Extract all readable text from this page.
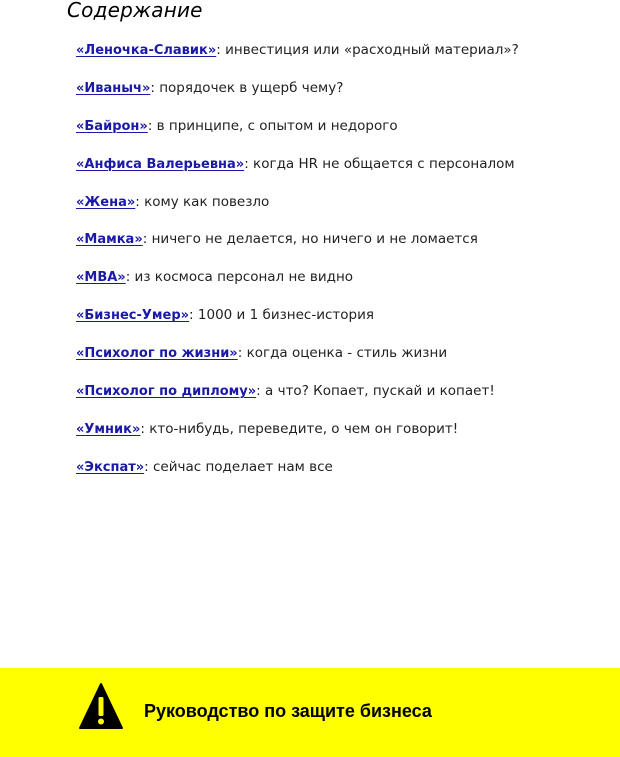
Содержание
«Леночка-Славик»: инвестиция или «расходный материал»?
«Иваныч»: порядочек в ущерб чему?
«Байрон»: в принципе, с опытом и недорого
«Анфиса Валерьевна»: когда HR не общается с персоналом
«Жена»: кому как повезло
«Мамка»: ничего не делается, но ничего и не ломается
«MBA»: из космоса персонал не видно
«Бизнес-Умер»: 1000 и 1 бизнес-история
«Психолог по жизни»: когда оценка - стиль жизни
«Психолог по диплому»: а что? Копает, пускай и копает!
«Умник»: кто-нибудь, переведите, о чем он говорит!
«Экспат»: сейчас поделает нам все
Руководство по защите бизнеса
